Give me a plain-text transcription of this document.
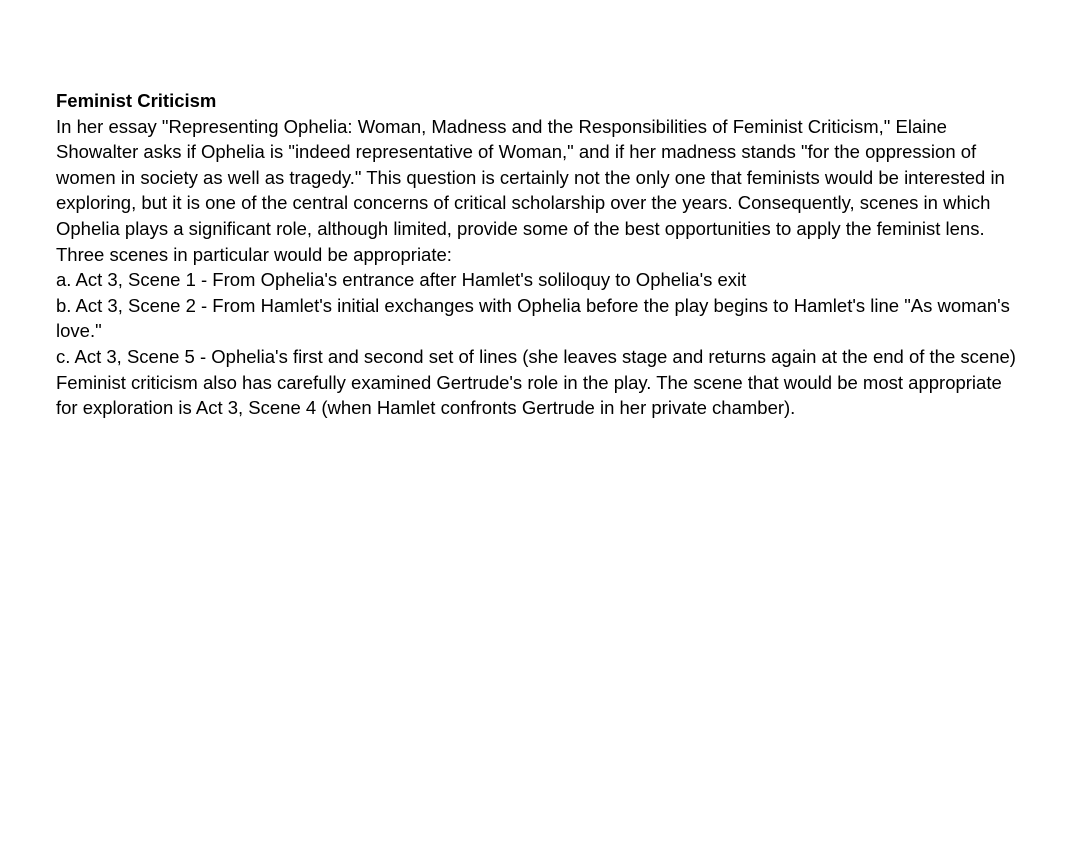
Feminist Criticism

In her essay "Representing Ophelia: Woman, Madness and the Responsibilities of Feminist Criticism," Elaine Showalter asks if Ophelia is "indeed representative of Woman," and if her madness stands "for the oppression of women in society as well as tragedy." This question is certainly not the only one that feminists would be interested in exploring, but it is one of the central concerns of critical scholarship over the years. Consequently, scenes in which Ophelia plays a significant role, although limited, provide some of the best opportunities to apply the feminist lens. Three scenes in particular would be appropriate:

a. Act 3, Scene 1 - From Ophelia's entrance after Hamlet's soliloquy to Ophelia's exit

b. Act 3, Scene 2 - From Hamlet's initial exchanges with Ophelia before the play begins to Hamlet's line "As woman's love."

c. Act 3, Scene 5 - Ophelia's first and second set of lines (she leaves stage and returns again at the end of the scene)

Feminist criticism also has carefully examined Gertrude's role in the play. The scene that would be most appropriate for exploration is Act 3, Scene 4 (when Hamlet confronts Gertrude in her private chamber).
